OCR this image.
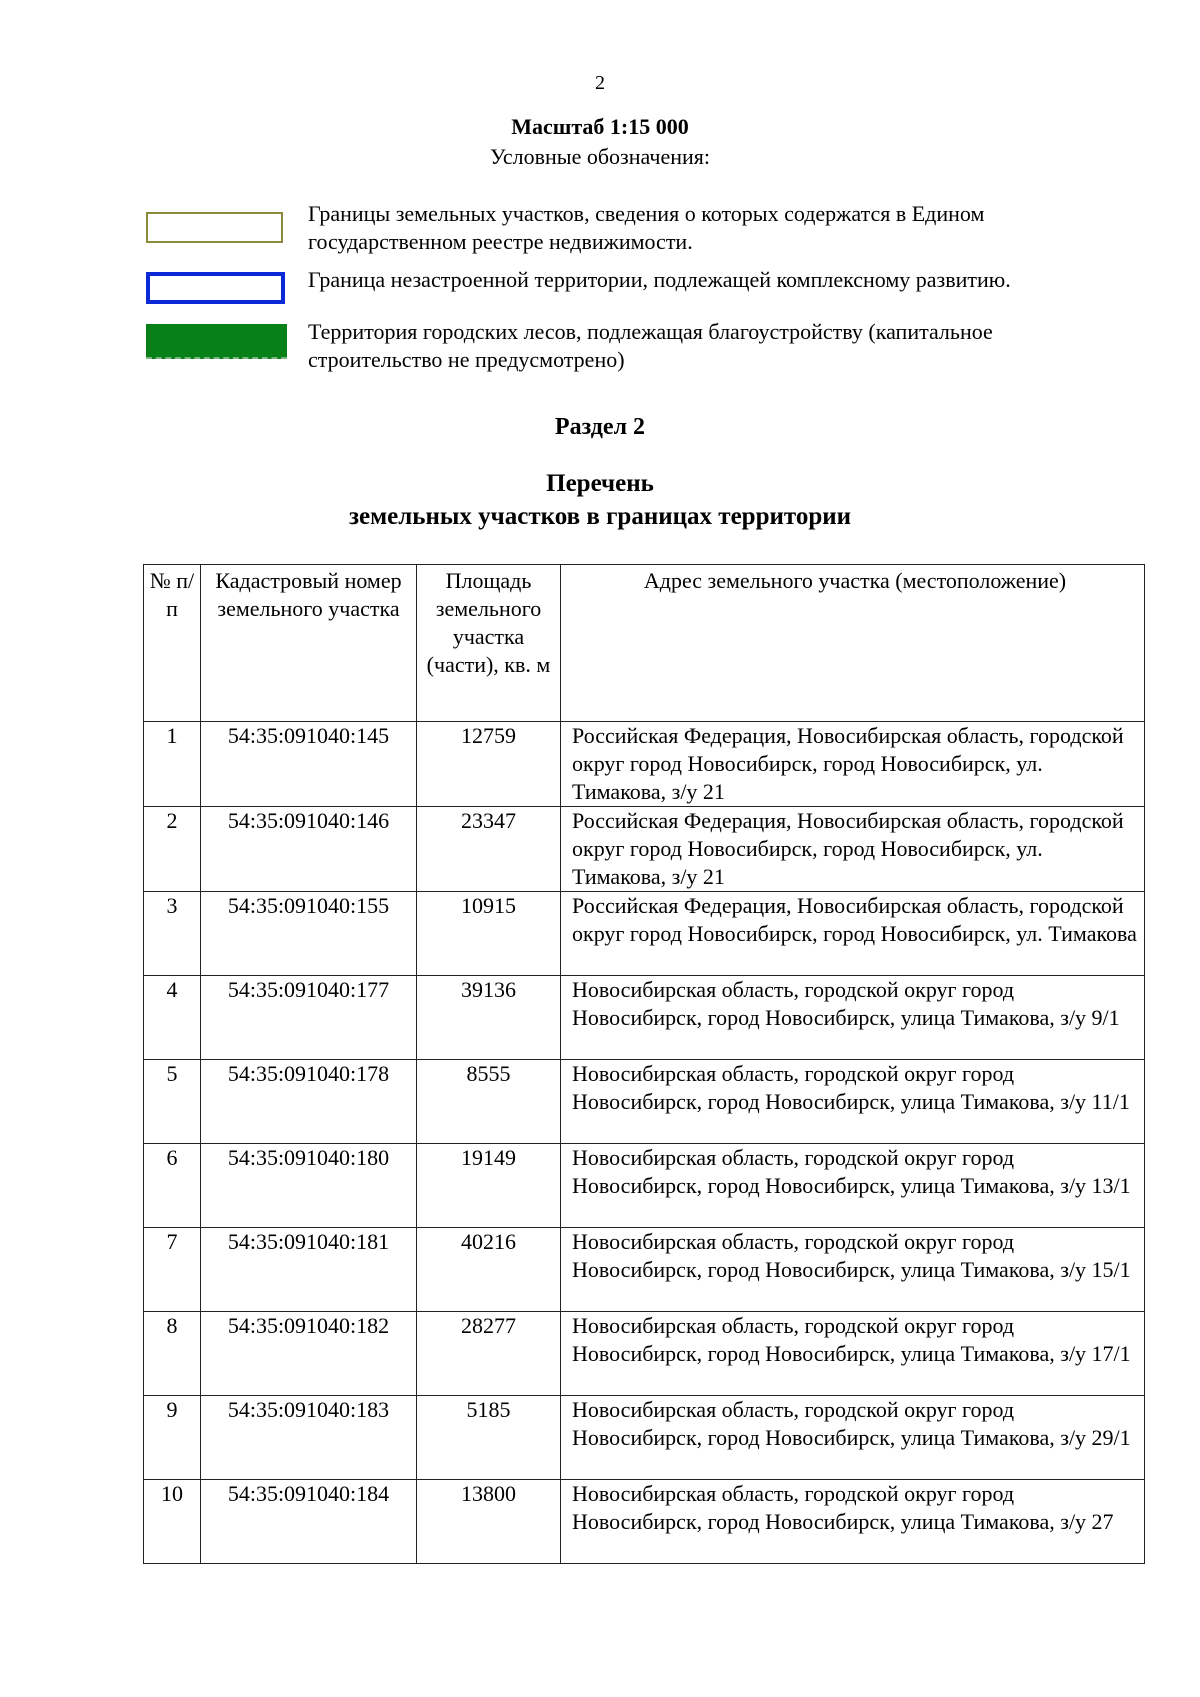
2
Масштаб 1:15 000
Условные обозначения:
Границы земельных участков, сведения о которых содержатся в Едином государственном реестре недвижимости.
Граница незастроенной территории, подлежащей комплексному развитию.
Территория городских лесов, подлежащая благоустройству (капитальное строительство не предусмотрено)
Раздел 2
Перечень
земельных участков в границах территории
№ п/п	Кадастровый номер земельного участка	Площадь земельного участка (части), кв. м	Адрес земельного участка (местоположение)
1	54:35:091040:145	12759	Российская Федерация, Новосибирская область, городской округ город Новосибирск, город Новосибирск, ул. Тимакова, з/у 21
2	54:35:091040:146	23347	Российская Федерация, Новосибирская область, городской округ город Новосибирск, город Новосибирск, ул. Тимакова, з/у 21
3	54:35:091040:155	10915	Российская Федерация, Новосибирская область, городской округ город Новосибирск, город Новосибирск, ул. Тимакова
4	54:35:091040:177	39136	Новосибирская область, городской округ город Новосибирск, город Новосибирск, улица Тимакова, з/у 9/1
5	54:35:091040:178	8555	Новосибирская область, городской округ город Новосибирск, город Новосибирск, улица Тимакова, з/у 11/1
6	54:35:091040:180	19149	Новосибирская область, городской округ город Новосибирск, город Новосибирск, улица Тимакова, з/у 13/1
7	54:35:091040:181	40216	Новосибирская область, городской округ город Новосибирск, город Новосибирск, улица Тимакова, з/у 15/1
8	54:35:091040:182	28277	Новосибирская область, городской округ город Новосибирск, город Новосибирск, улица Тимакова, з/у 17/1
9	54:35:091040:183	5185	Новосибирская область, городской округ город Новосибирск, город Новосибирск, улица Тимакова, з/у 29/1
10	54:35:091040:184	13800	Новосибирская область, городской округ город Новосибирск, город Новосибирск, улица Тимакова, з/у 27
